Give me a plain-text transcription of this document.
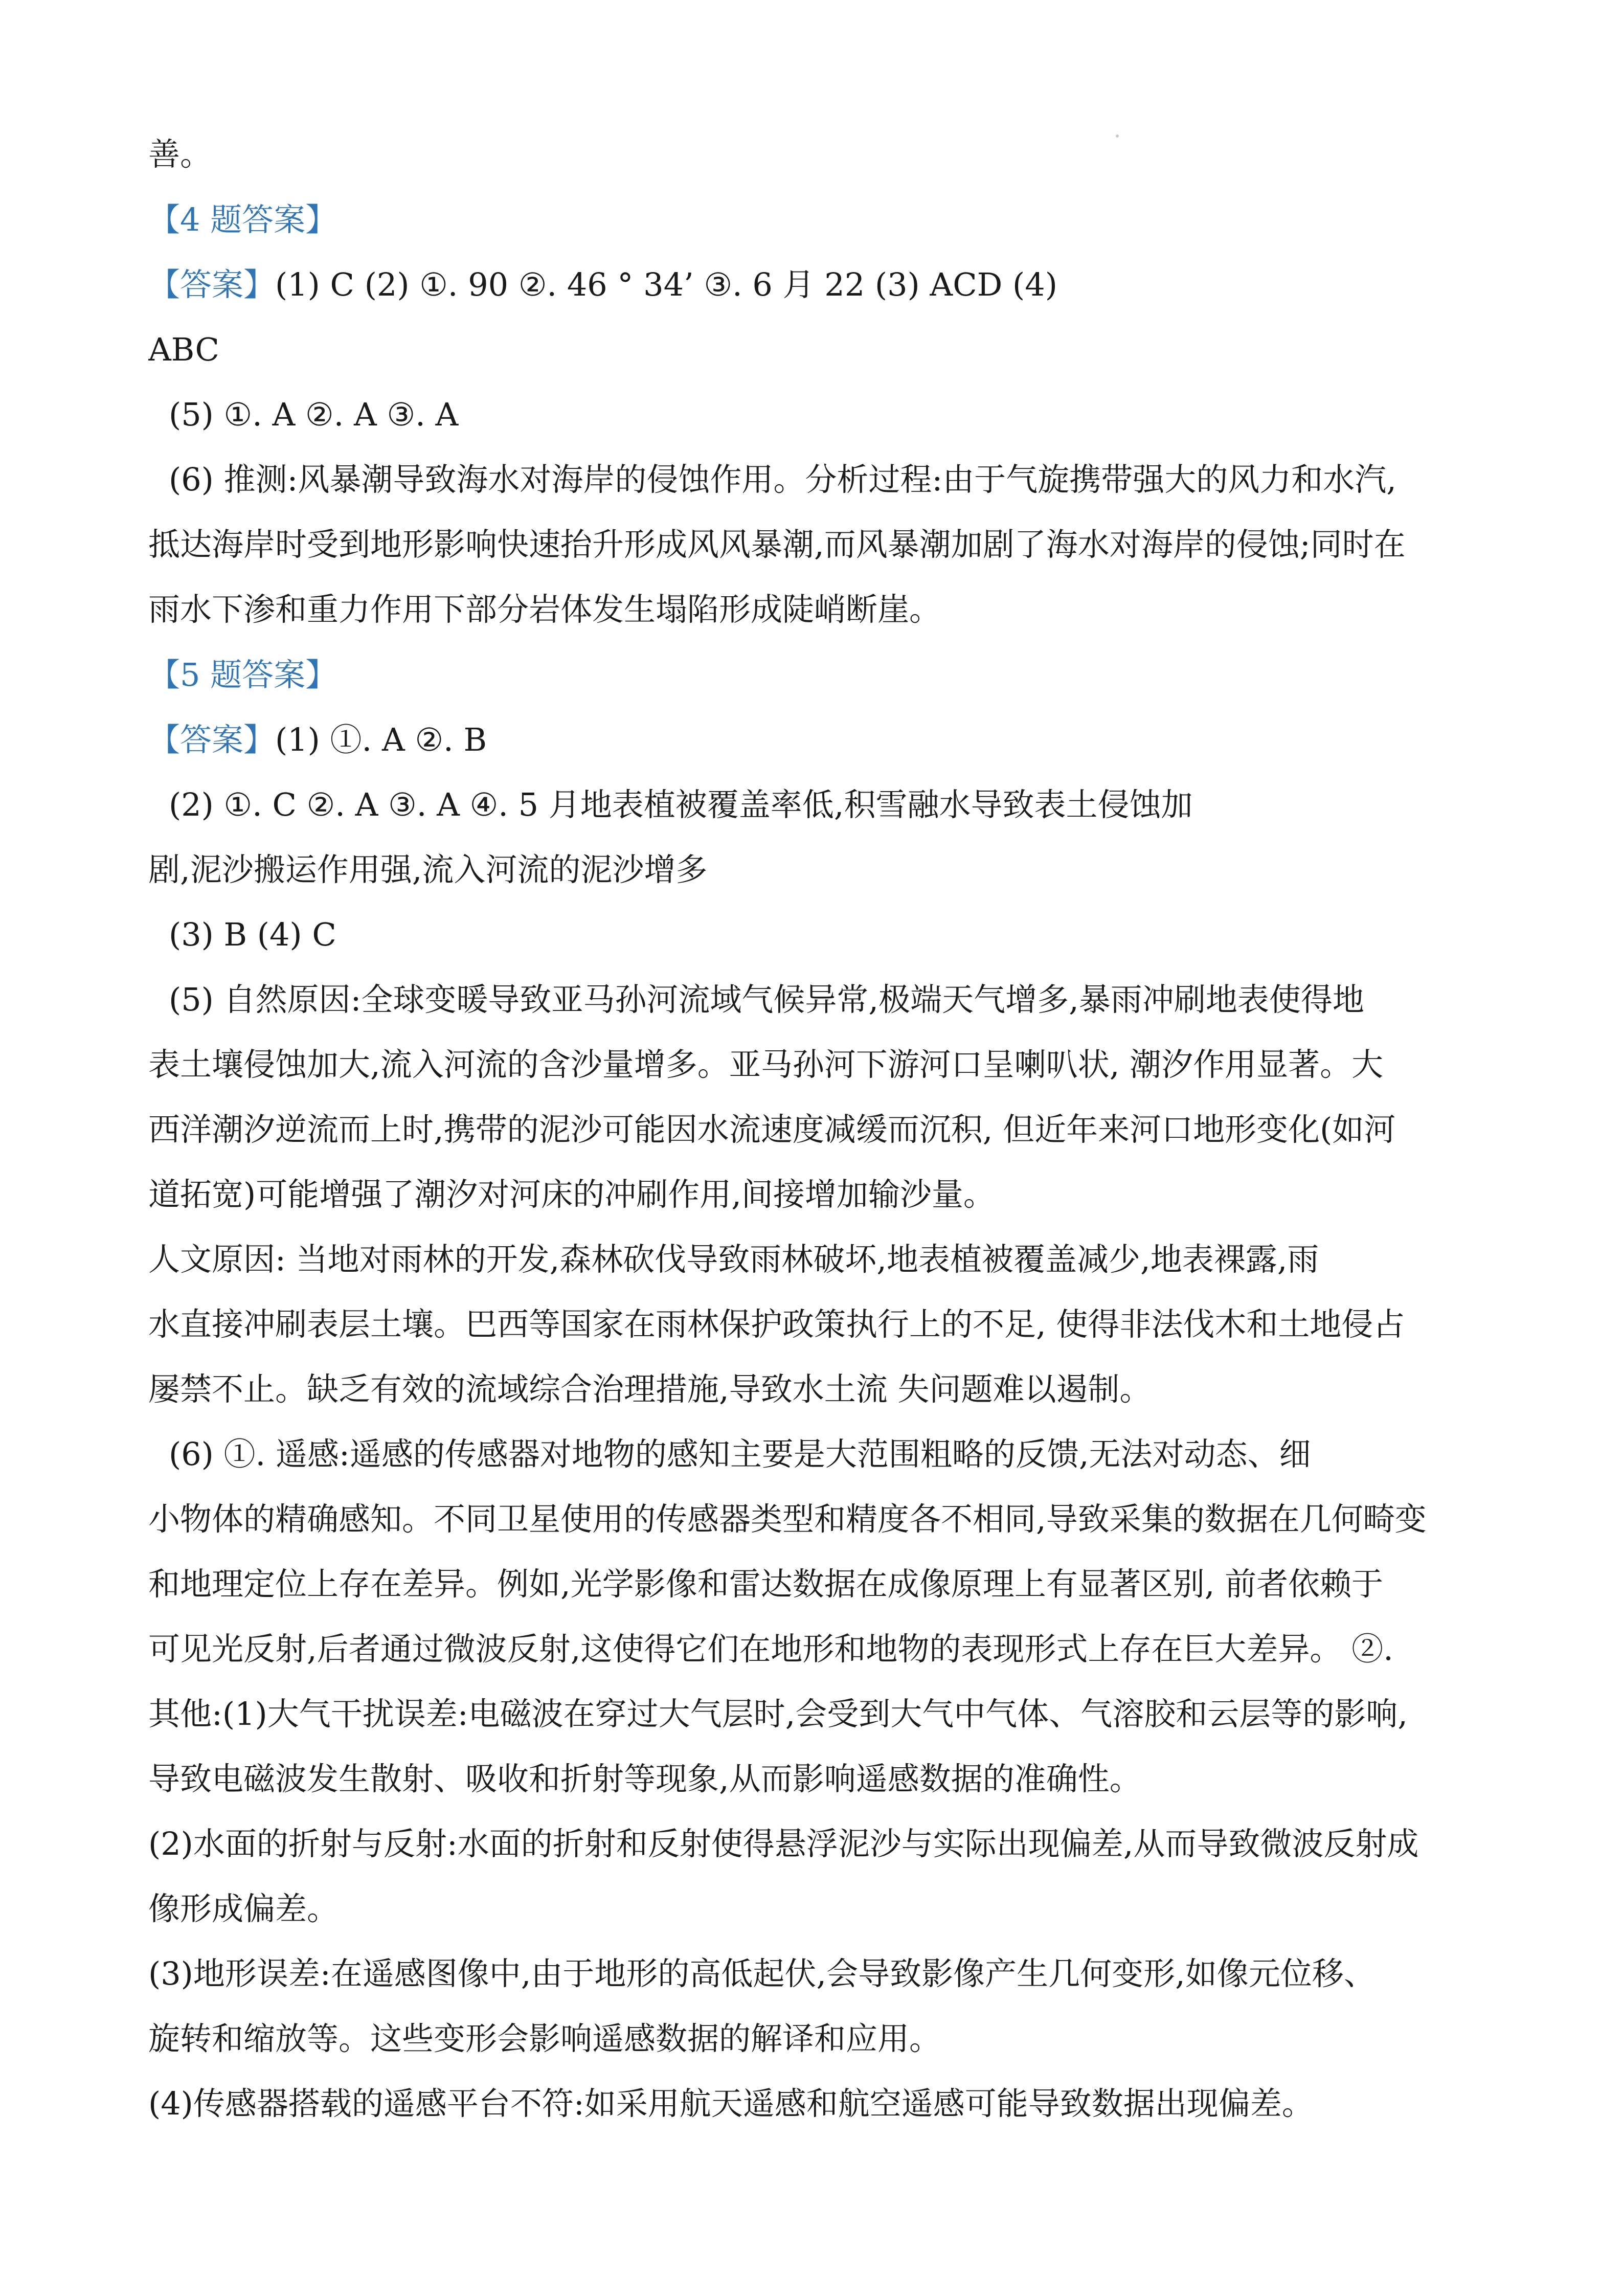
善。
【4 题答案】
【答案】(1) C (2) ①. 90 ②. 46 ° 34’ ③. 6 月 22 (3) ACD (4)
ABC
(5) ①. A ②. A ③. A
(6) 推测:风暴潮导致海水对海岸的侵蚀作用。分析过程:由于气旋携带强大的风力和水汽,
抵达海岸时受到地形影响快速抬升形成风风暴潮,而风暴潮加剧了海水对海岸的侵蚀;同时在
雨水下渗和重力作用下部分岩体发生塌陷形成陡峭断崖。
【5 题答案】
【答案】(1) ①. A ②. B
(2) ①. C ②. A ③. A ④. 5 月地表植被覆盖率低,积雪融水导致表土侵蚀加
剧,泥沙搬运作用强,流入河流的泥沙增多
(3) B (4) C
(5) 自然原因:全球变暖导致亚马孙河流域气候异常,极端天气增多,暴雨冲刷地表使得地
表土壤侵蚀加大,流入河流的含沙量增多。亚马孙河下游河口呈喇叭状, 潮汐作用显著。大
西洋潮汐逆流而上时,携带的泥沙可能因水流速度减缓而沉积, 但近年来河口地形变化(如河
道拓宽)可能增强了潮汐对河床的冲刷作用,间接增加输沙量。
人文原因: 当地对雨林的开发,森林砍伐导致雨林破坏,地表植被覆盖减少,地表裸露,雨
水直接冲刷表层土壤。巴西等国家在雨林保护政策执行上的不足, 使得非法伐木和土地侵占
屡禁不止。缺乏有效的流域综合治理措施,导致水土流 失问题难以遏制。
(6) ①. 遥感:遥感的传感器对地物的感知主要是大范围粗略的反馈,无法对动态、细
小物体的精确感知。不同卫星使用的传感器类型和精度各不相同,导致采集的数据在几何畸变
和地理定位上存在差异。例如,光学影像和雷达数据在成像原理上有显著区别, 前者依赖于
可见光反射,后者通过微波反射,这使得它们在地形和地物的表现形式上存在巨大差异。 ②.
其他:(1)大气干扰误差:电磁波在穿过大气层时,会受到大气中气体、气溶胶和云层等的影响,
导致电磁波发生散射、吸收和折射等现象,从而影响遥感数据的准确性。
(2)水面的折射与反射:水面的折射和反射使得悬浮泥沙与实际出现偏差,从而导致微波反射成
像形成偏差。
(3)地形误差:在遥感图像中,由于地形的高低起伏,会导致影像产生几何变形,如像元位移、
旋转和缩放等。这些变形会影响遥感数据的解译和应用。
(4)传感器搭载的遥感平台不符:如采用航天遥感和航空遥感可能导致数据出现偏差。
